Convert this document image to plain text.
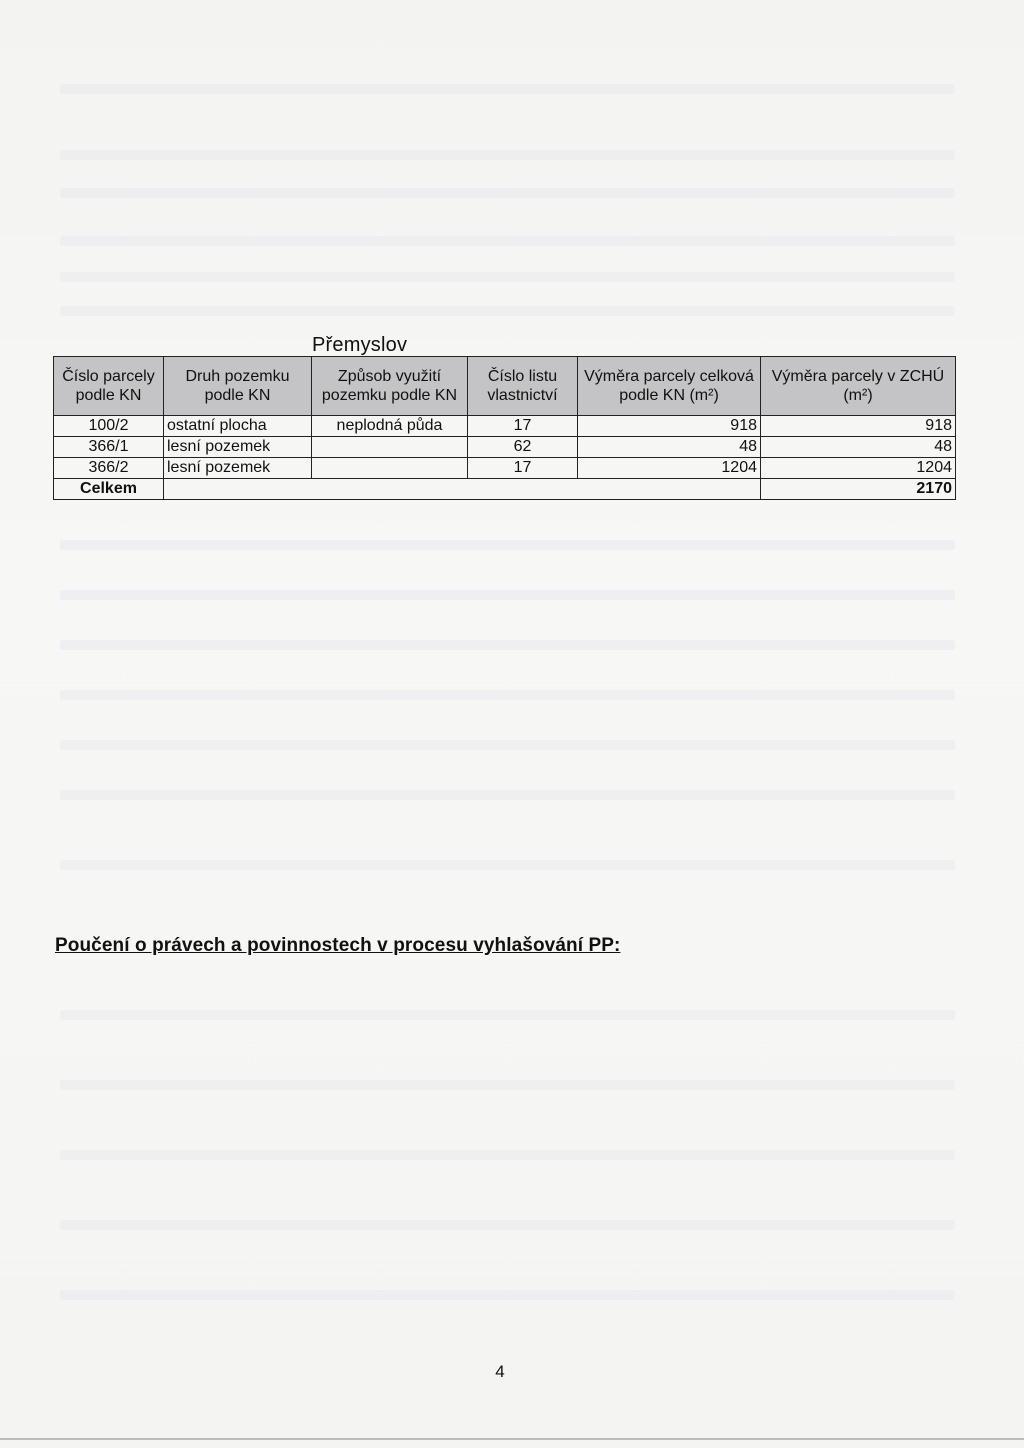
Přemyslov
Číslo parcely podle KN	Druh pozemku podle KN	Způsob využití pozemku podle KN	Číslo listu vlastnictví	Výměra parcely celková podle KN (m²)	Výměra parcely v ZCHÚ (m²)
100/2	ostatní plocha	neplodná půda	17	918	918
366/1	lesní pozemek		62	48	48
366/2	lesní pozemek		17	1204	1204
Celkem					2170
Poučení o právech a povinnostech v procesu vyhlašování PP:
4
